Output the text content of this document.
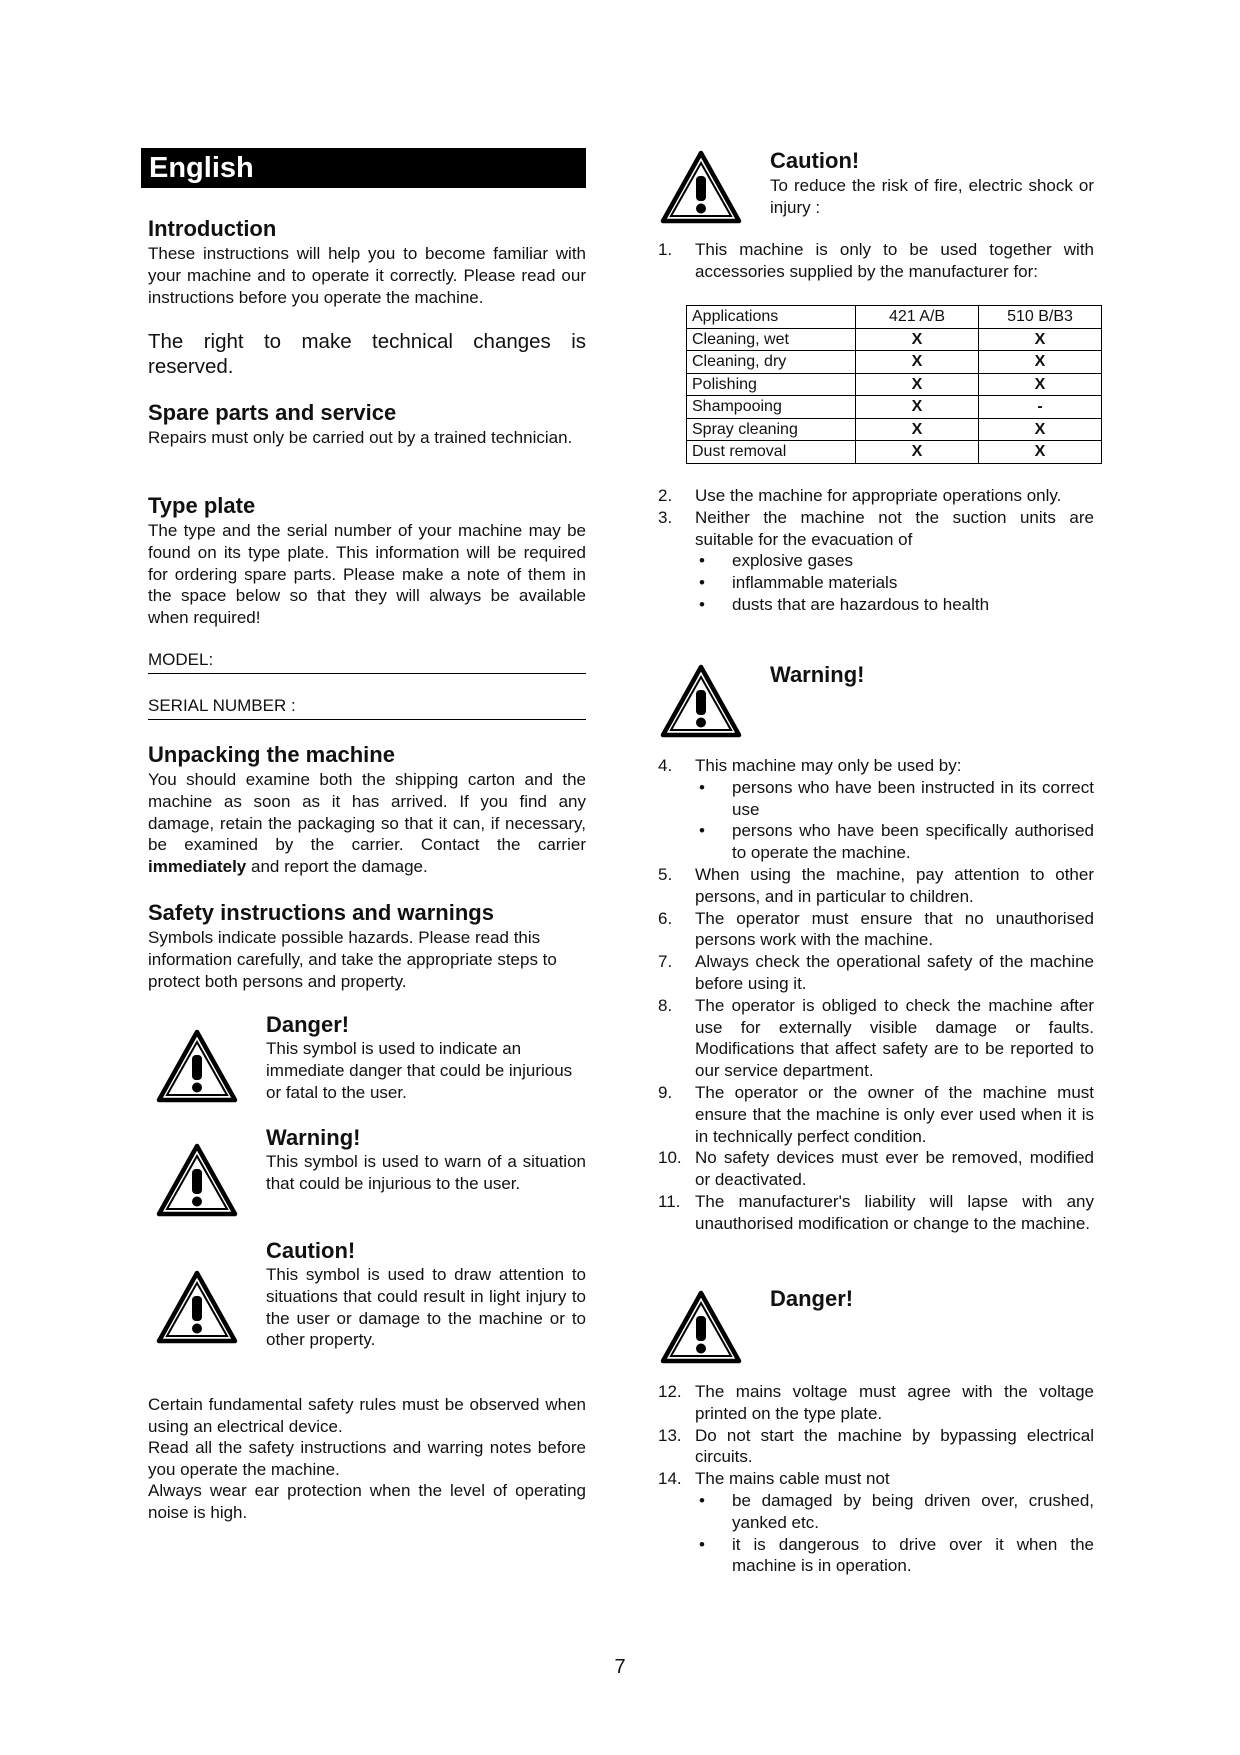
English
Introduction

These instructions will help you to become familiar with your machine and to operate it correctly. Please read our instructions before you operate the machine.

The right to make technical changes is reserved.

Spare parts and service

Repairs must only be carried out by a trained technician.

Type plate

The type and the serial number of your machine may be found on its type plate. This information will be required for ordering spare parts. Please make a note of them in the space below so that they will always be available when required!

MODEL:
SERIAL NUMBER :
Unpacking the machine

You should examine both the shipping carton and the machine as soon as it has arrived. If you find any damage, retain the packaging so that it can, if necessary, be examined by the carrier. Contact the carrier immediately and report the damage.

Safety instructions and warnings

Symbols indicate possible hazards. Please read this information carefully, and take the appropriate steps to protect both persons and property.

Danger!

This symbol is used to indicate an immediate danger that could be injurious or fatal to the user.

Warning!

This symbol is used to warn of a situation that could be injurious to the user.

Caution!

This symbol is used to draw attention to situations that could result in light injury to the user or damage to the machine or to other property.

Certain fundamental safety rules must be observed when using an electrical device.

Read all the safety instructions and warring notes before you operate the machine.

Always wear ear protection when the level of operating noise is high.

Caution!

To reduce the risk of fire, electric shock or injury :

1. This machine is only to be used together with accessories supplied by the manufacturer for:
Applications	421 A/B	510 B/B3
Cleaning, wet	X	X
Cleaning, dry	X	X
Polishing	X	X
Shampooing	X	-
Spray cleaning	X	X
Dust removal	X	X
2. Use the machine for appropriate operations only.
3. Neither the machine not the suction units are suitable for the evacuation of
• explosive gases
• inflammable materials
• dusts that are hazardous to health
Warning!
4. This machine may only be used by:
• persons who have been instructed in its correct use
• persons who have been specifically authorised to operate the machine.
5. When using the machine, pay attention to other persons, and in particular to children.
6. The operator must ensure that no unauthorised persons work with the machine.
7. Always check the operational safety of the machine before using it.
8. The operator is obliged to check the machine after use for externally visible damage or faults. Modifications that affect safety are to be reported to our service department.
9. The operator or the owner of the machine must ensure that the machine is only ever used when it is in technically perfect condition.
10. No safety devices must ever be removed, modified or deactivated.
11. The manufacturer's liability will lapse with any unauthorised modification or change to the machine.
Danger!
12. The mains voltage must agree with the voltage printed on the type plate.
13. Do not start the machine by bypassing electrical circuits.
14. The mains cable must not
• be damaged by being driven over, crushed, yanked etc.
• it is dangerous to drive over it when the machine is in operation.
7
